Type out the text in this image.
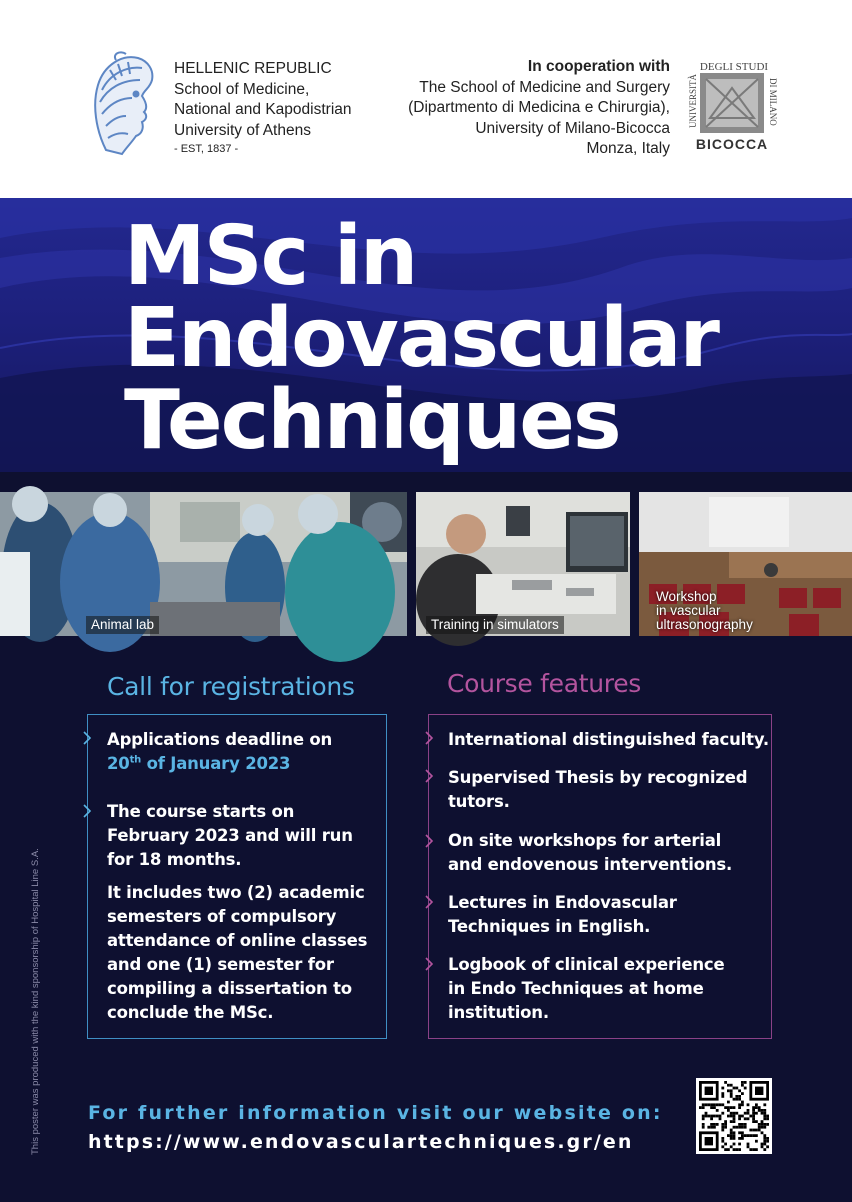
HELLENIC REPUBLIC
School of Medicine,
National and Kapodistrian
University of Athens
- EST, 1837 -
In cooperation with
The School of Medicine and Surgery
(Dipartmento di Medicina e Chirurgia),
University of Milano-Bicocca
Monza, Italy
DEGLI STUDI
UNIVERSITÀ	DI MILANO
BICOCCA
MSc in
Endovascular
Techniques
Animal lab	Training in simulators
Workshop
in vascular
ultrasonography
Call for registrations
Applications deadline on
20th of January 2023
The course starts on
February 2023 and will run
for 18 months.
It includes two (2) academic
semesters of compulsory
attendance of online classes
and one (1) semester for
compiling a dissertation to
conclude the MSc.
Course features
International distinguished faculty.
Supervised Thesis by recognized
tutors.
On site workshops for arterial
and endovenous interventions.
Lectures in Endovascular
Techniques in English.
Logbook of clinical experience
in Endo Techniques at home
institution.
This poster was produced with the kind sponsorship of Hospital Line S.A. For further information visit our website on:
https://www.endovasculartechniques.gr/en
